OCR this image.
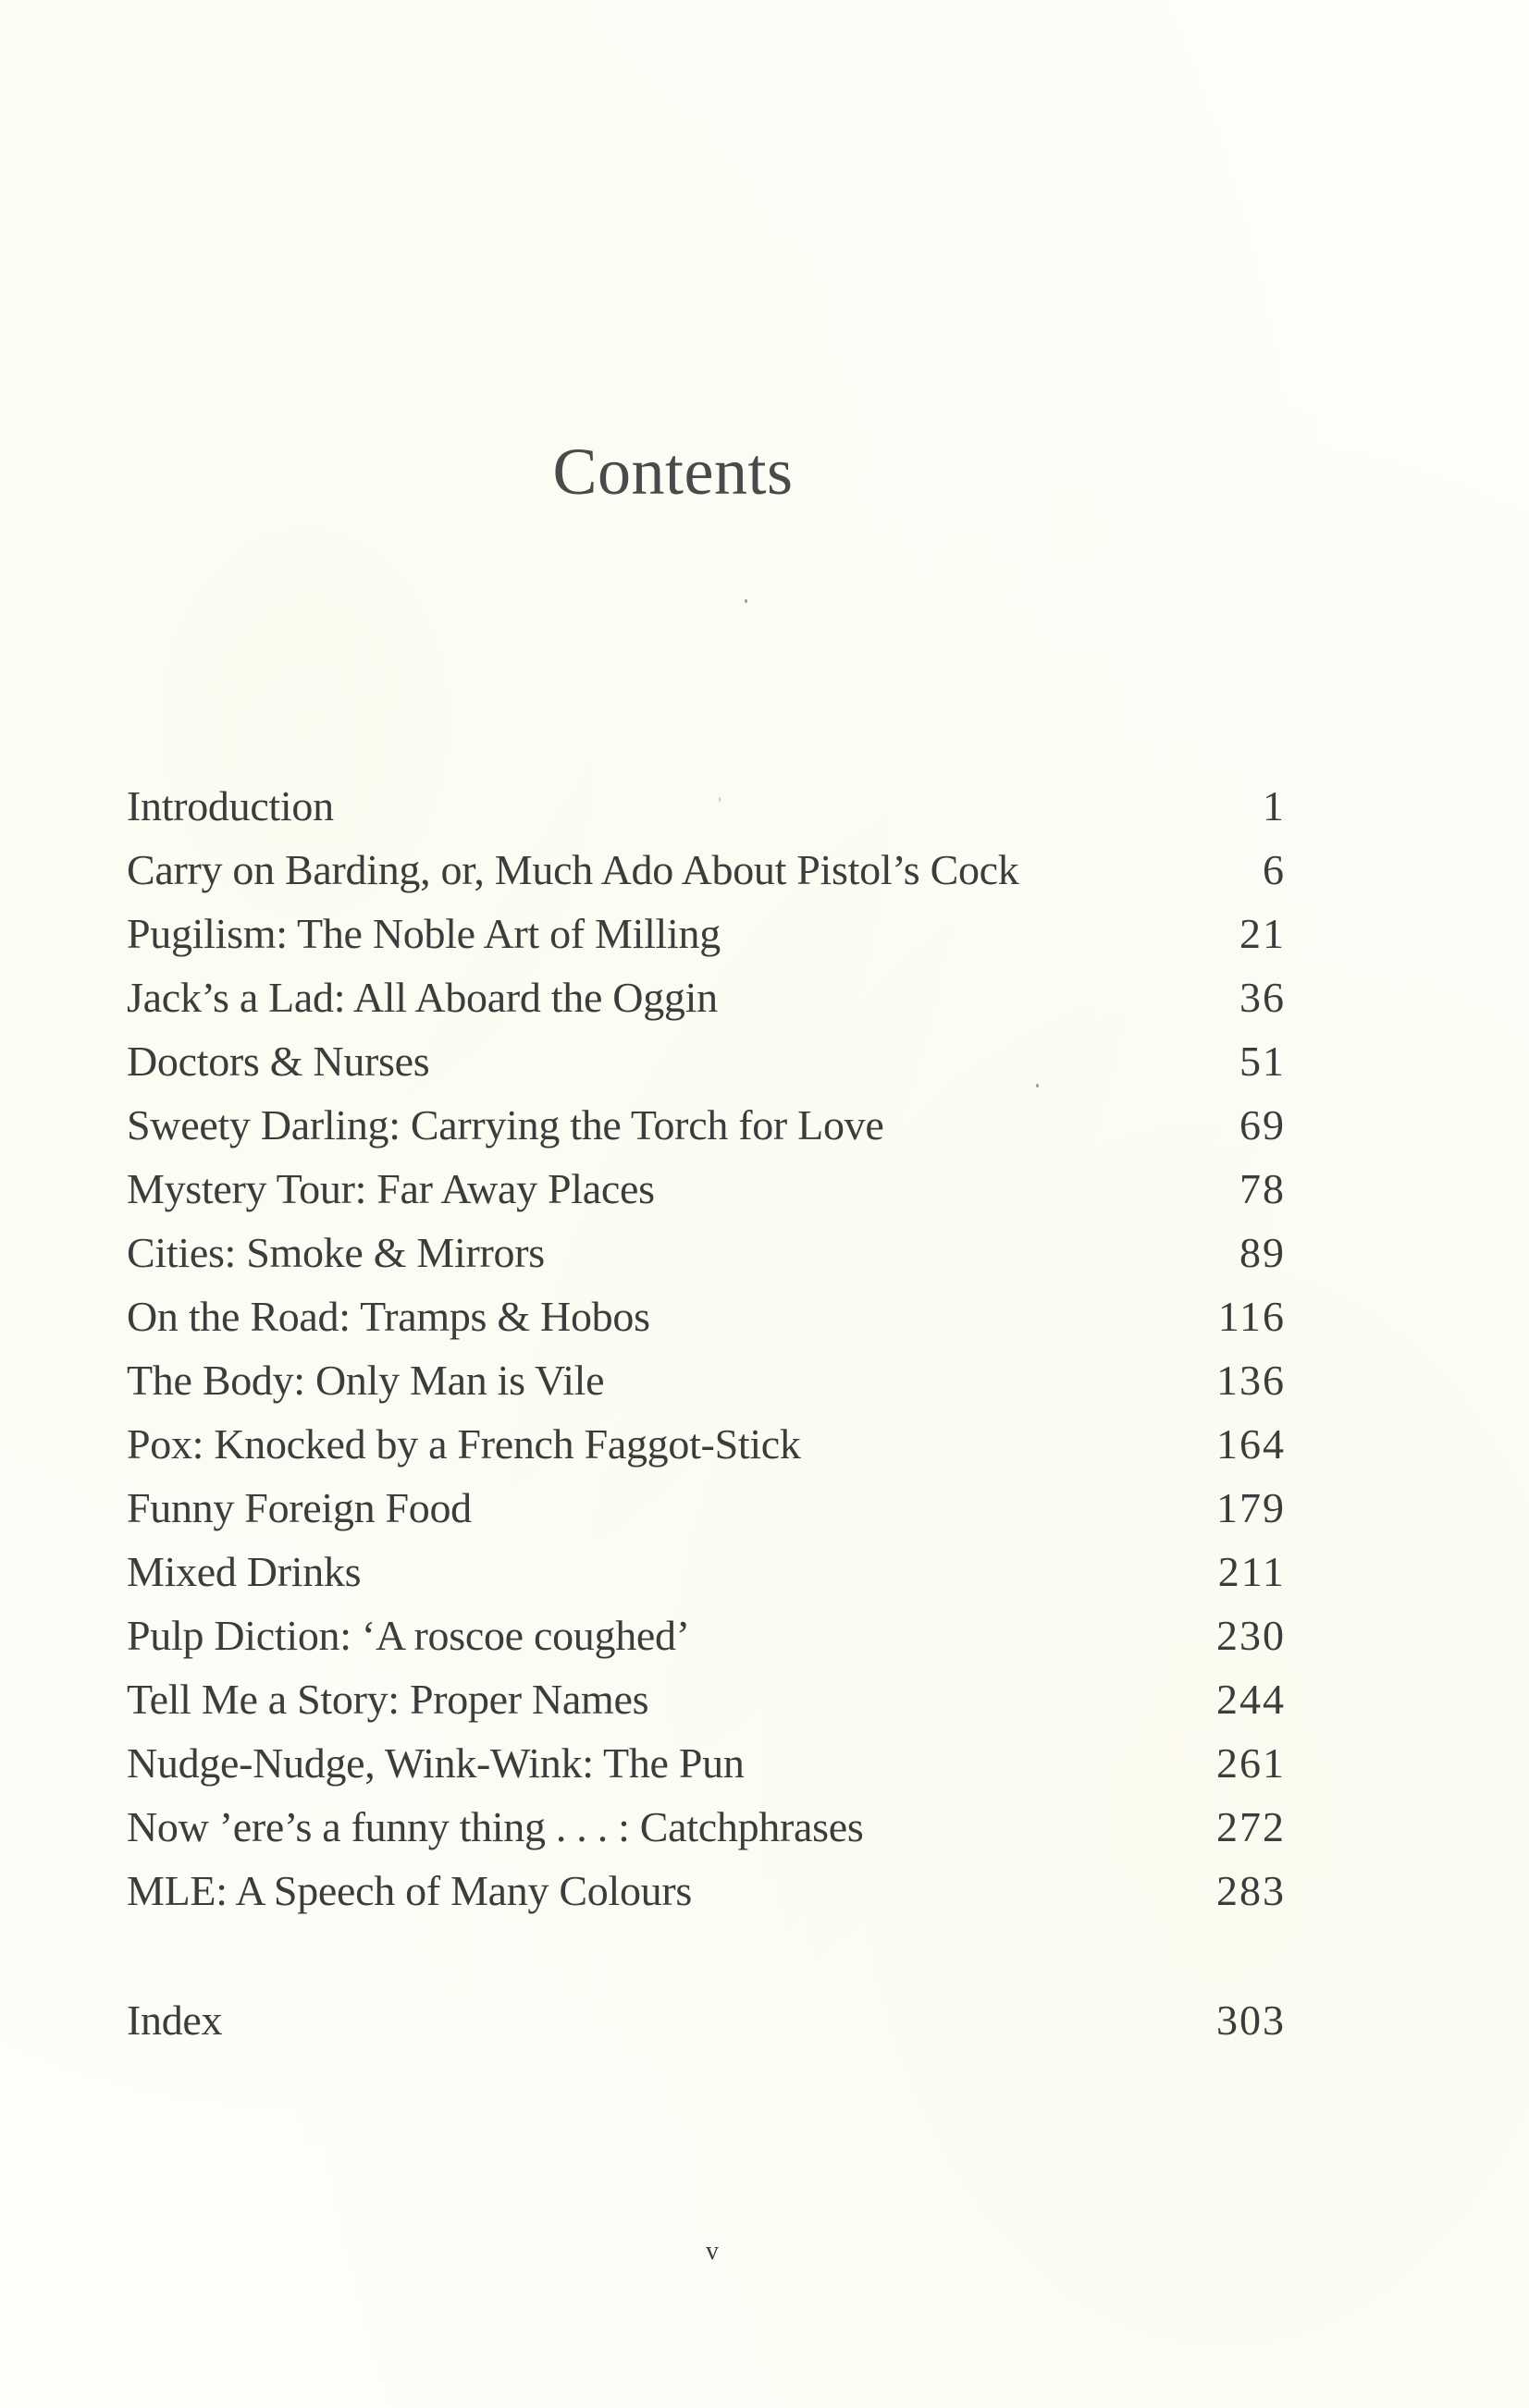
Contents
Introduction	1
Carry on Barding, or, Much Ado About Pistol’s Cock	6
Pugilism: The Noble Art of Milling	21
Jack’s a Lad: All Aboard the Oggin	36
Doctors & Nurses	51
Sweety Darling: Carrying the Torch for Love	69
Mystery Tour: Far Away Places	78
Cities: Smoke & Mirrors	89
On the Road: Tramps & Hobos	116
The Body: Only Man is Vile	136
Pox: Knocked by a French Faggot-Stick	164
Funny Foreign Food	179
Mixed Drinks	211
Pulp Diction: ‘A roscoe coughed’	230
Tell Me a Story: Proper Names	244
Nudge-Nudge, Wink-Wink: The Pun	261
Now ’ere’s a funny thing . . . : Catchphrases	272
MLE: A Speech of Many Colours	283
Index	303
v
